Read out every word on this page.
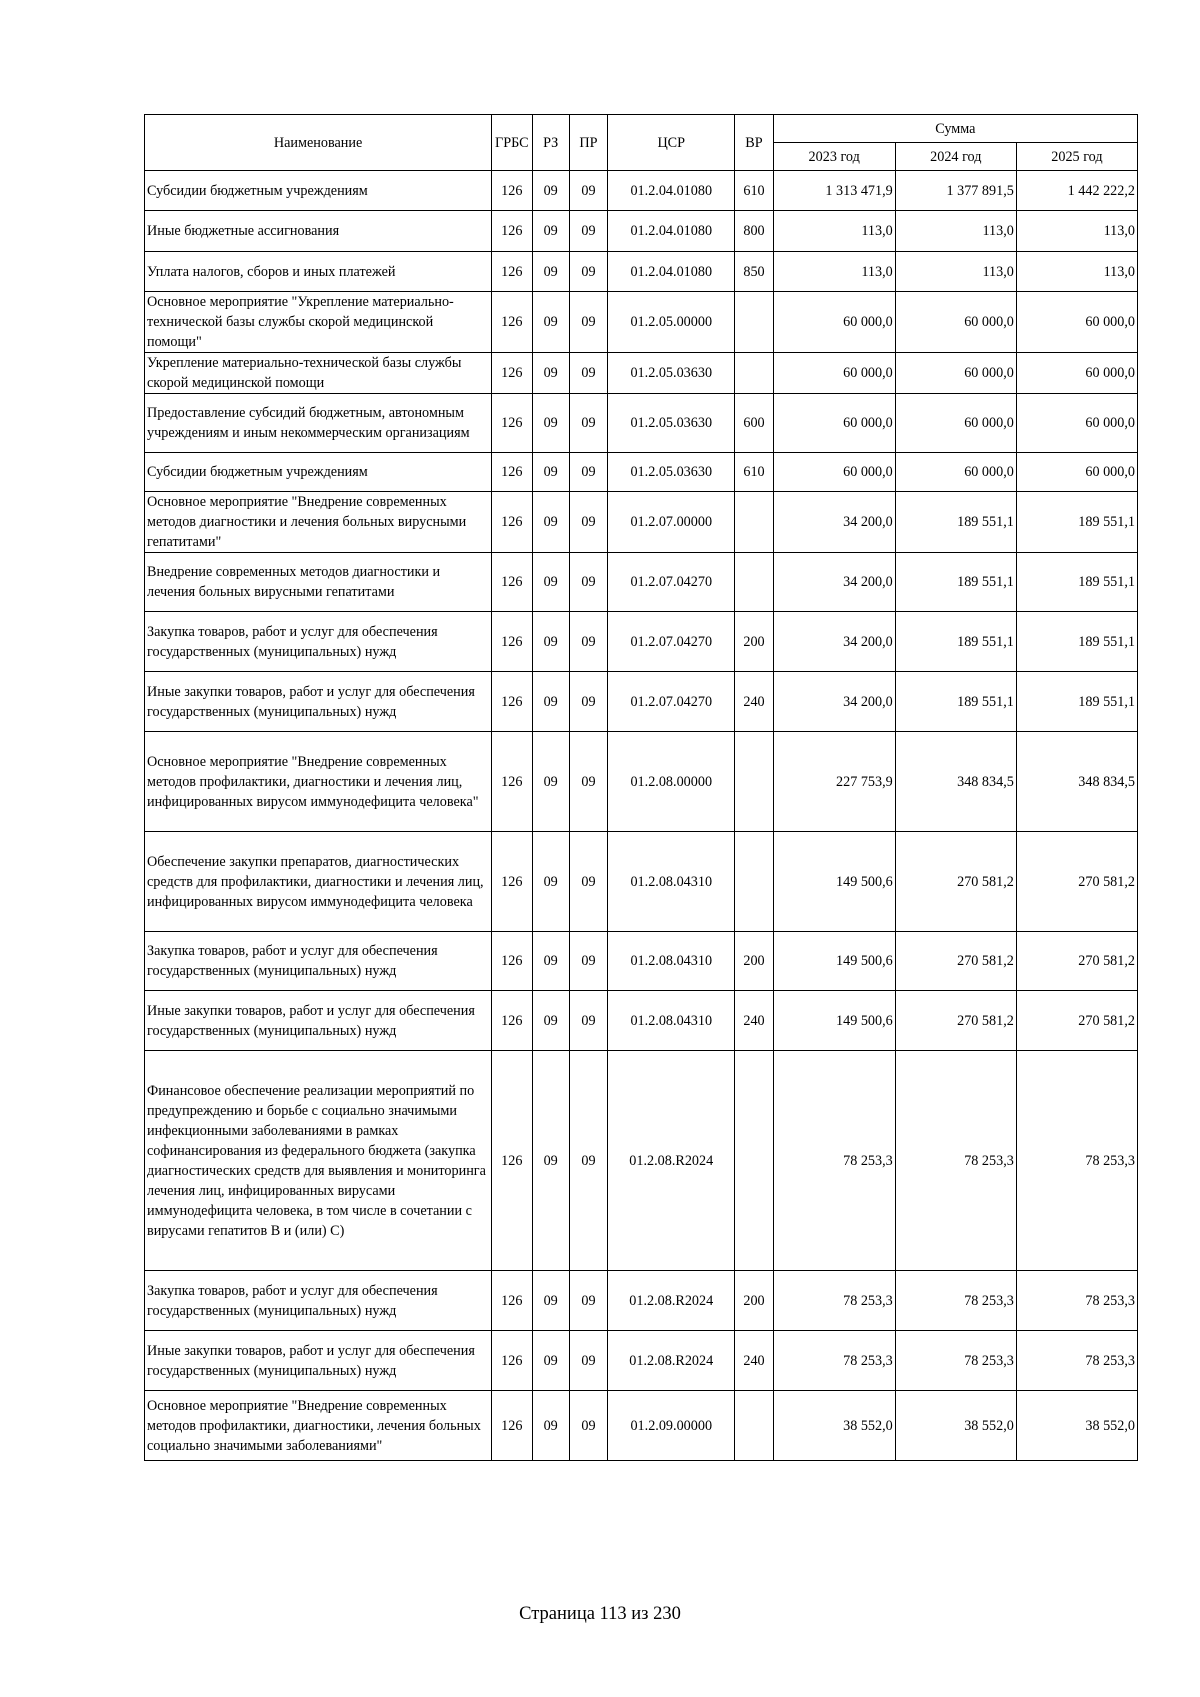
Наименование	ГРБС	РЗ	ПР	ЦСР	ВР	Сумма		
						2023 год	2024 год	2025 год
Субсидии бюджетным учреждениям	126	09	09	01.2.04.01080	610	1 313 471,9	1 377 891,5	1 442 222,2
Иные бюджетные ассигнования	126	09	09	01.2.04.01080	800	113,0	113,0	113,0
Уплата налогов, сборов и иных платежей	126	09	09	01.2.04.01080	850	113,0	113,0	113,0
Основное мероприятие "Укрепление материально-технической базы службы скорой медицинской помощи"	126	09	09	01.2.05.00000		60 000,0	60 000,0	60 000,0
Укрепление материально-технической базы службы скорой медицинской помощи	126	09	09	01.2.05.03630		60 000,0	60 000,0	60 000,0
Предоставление субсидий бюджетным, автономным учреждениям и иным некоммерческим организациям	126	09	09	01.2.05.03630	600	60 000,0	60 000,0	60 000,0
Субсидии бюджетным учреждениям	126	09	09	01.2.05.03630	610	60 000,0	60 000,0	60 000,0
Основное мероприятие "Внедрение современных методов диагностики и лечения больных вирусными гепатитами"	126	09	09	01.2.07.00000		34 200,0	189 551,1	189 551,1
Внедрение современных методов диагностики и лечения больных вирусными гепатитами	126	09	09	01.2.07.04270		34 200,0	189 551,1	189 551,1
Закупка товаров, работ и услуг для обеспечения государственных (муниципальных) нужд	126	09	09	01.2.07.04270	200	34 200,0	189 551,1	189 551,1
Иные закупки товаров, работ и услуг для обеспечения государственных (муниципальных) нужд	126	09	09	01.2.07.04270	240	34 200,0	189 551,1	189 551,1
Основное мероприятие "Внедрение современных методов профилактики, диагностики и лечения лиц, инфицированных вирусом иммунодефицита человека"	126	09	09	01.2.08.00000		227 753,9	348 834,5	348 834,5
Обеспечение закупки препаратов, диагностических средств для профилактики, диагностики и лечения лиц, инфицированных вирусом иммунодефицита человека	126	09	09	01.2.08.04310		149 500,6	270 581,2	270 581,2
Закупка товаров, работ и услуг для обеспечения государственных (муниципальных) нужд	126	09	09	01.2.08.04310	200	149 500,6	270 581,2	270 581,2
Иные закупки товаров, работ и услуг для обеспечения государственных (муниципальных) нужд	126	09	09	01.2.08.04310	240	149 500,6	270 581,2	270 581,2
Финансовое обеспечение реализации мероприятий по предупреждению и борьбе с социально значимыми инфекционными заболеваниями в рамках софинансирования из федерального бюджета (закупка диагностических средств для выявления и мониторинга лечения лиц, инфицированных вирусами иммунодефицита человека, в том числе в сочетании с вирусами гепатитов B и (или) C)	126	09	09	01.2.08.R2024		78 253,3	78 253,3	78 253,3
Закупка товаров, работ и услуг для обеспечения государственных (муниципальных) нужд	126	09	09	01.2.08.R2024	200	78 253,3	78 253,3	78 253,3
Иные закупки товаров, работ и услуг для обеспечения государственных (муниципальных) нужд	126	09	09	01.2.08.R2024	240	78 253,3	78 253,3	78 253,3
Основное мероприятие "Внедрение современных методов профилактики, диагностики, лечения больных социально значимыми заболеваниями"	126	09	09	01.2.09.00000		38 552,0	38 552,0	38 552,0
Страница 113 из 230
